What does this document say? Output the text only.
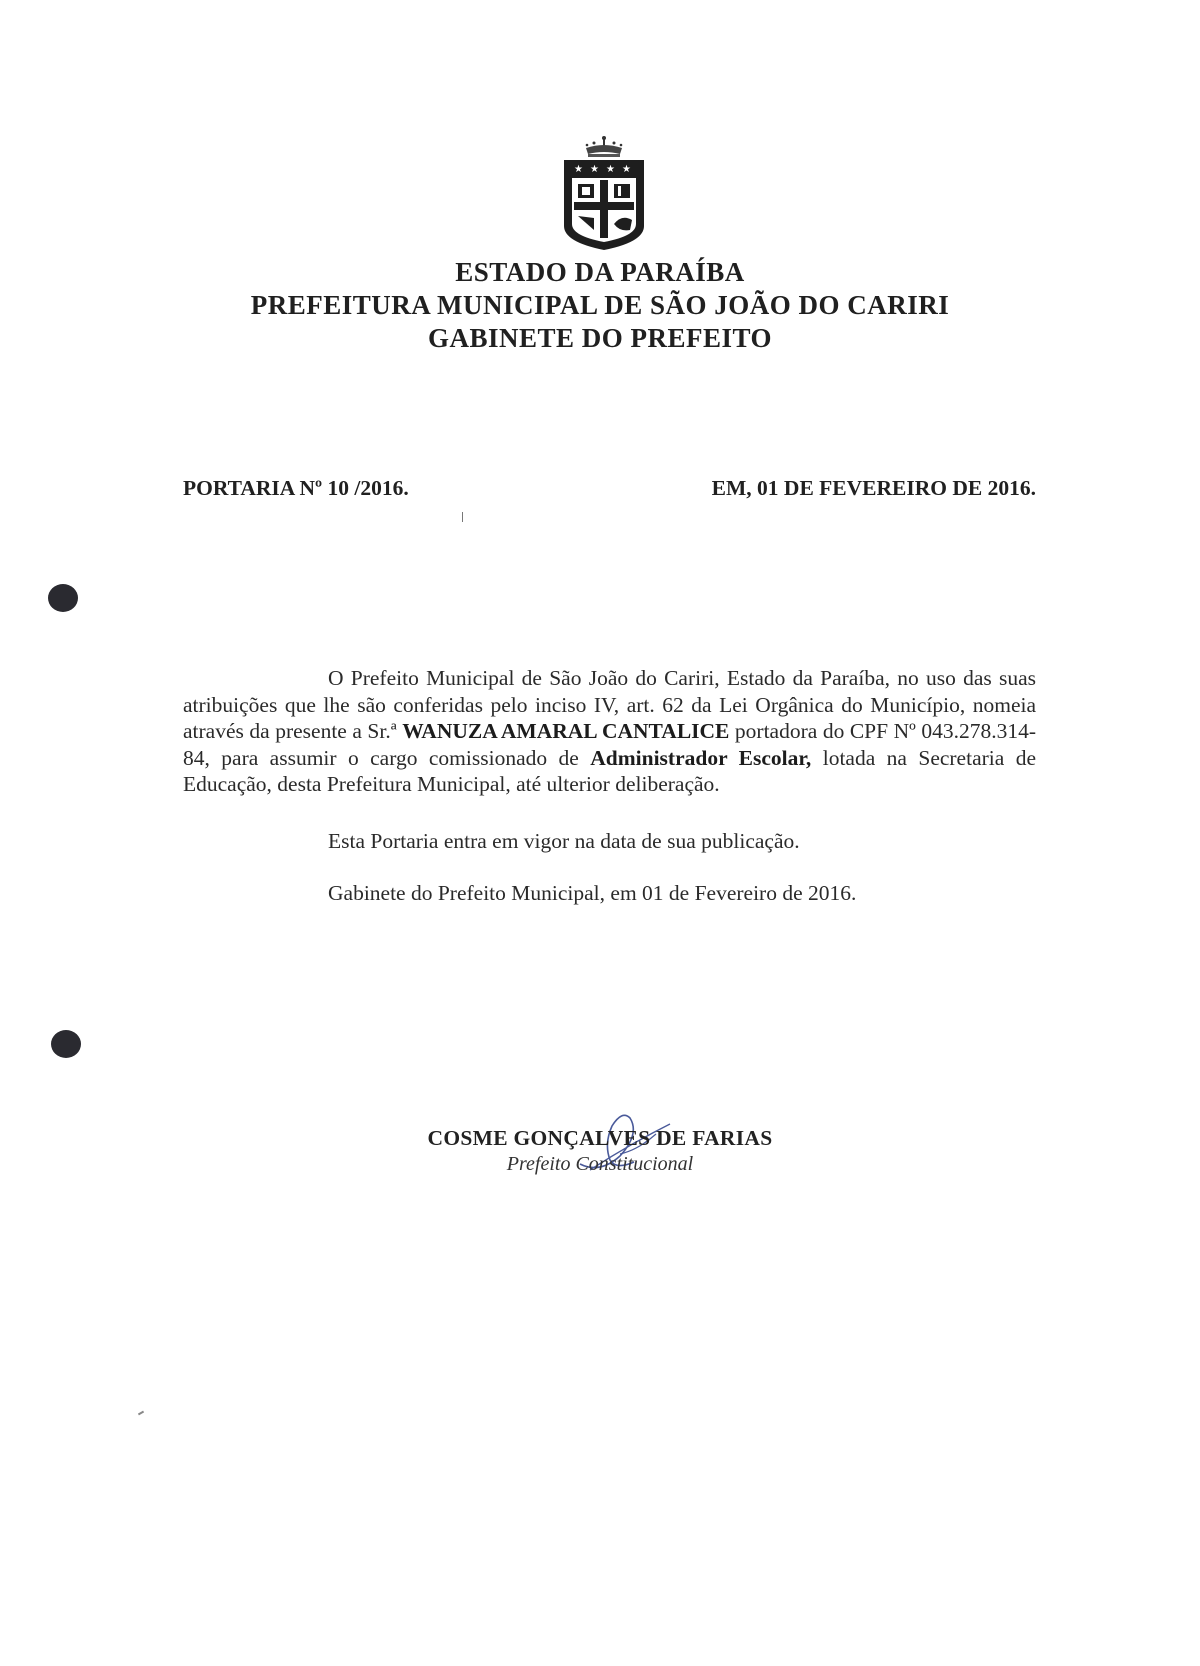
★ ★ ★ ★
ESTADO DA PARAÍBA
PREFEITURA MUNICIPAL DE SÃO JOÃO DO CARIRI
GABINETE DO PREFEITO
PORTARIA Nº 10 /2016.	EM, 01 DE FEVEREIRO DE 2016.

O Prefeito Municipal de São João do Cariri, Estado da Paraíba, no uso das suas atribuições que lhe são conferidas pelo inciso IV, art. 62 da Lei Orgânica do Município, nomeia através da presente a Sr.ª WANUZA AMARAL CANTALICE portadora do CPF Nº 043.278.314-84, para assumir o cargo comissionado de Administrador Escolar, lotada na Secretaria de Educação, desta Prefeitura Municipal, até ulterior deliberação.

Esta Portaria entra em vigor na data de sua publicação.

Gabinete do Prefeito Municipal, em 01 de Fevereiro de 2016.

COSME GONÇALVES DE FARIAS
Prefeito Constitucional
